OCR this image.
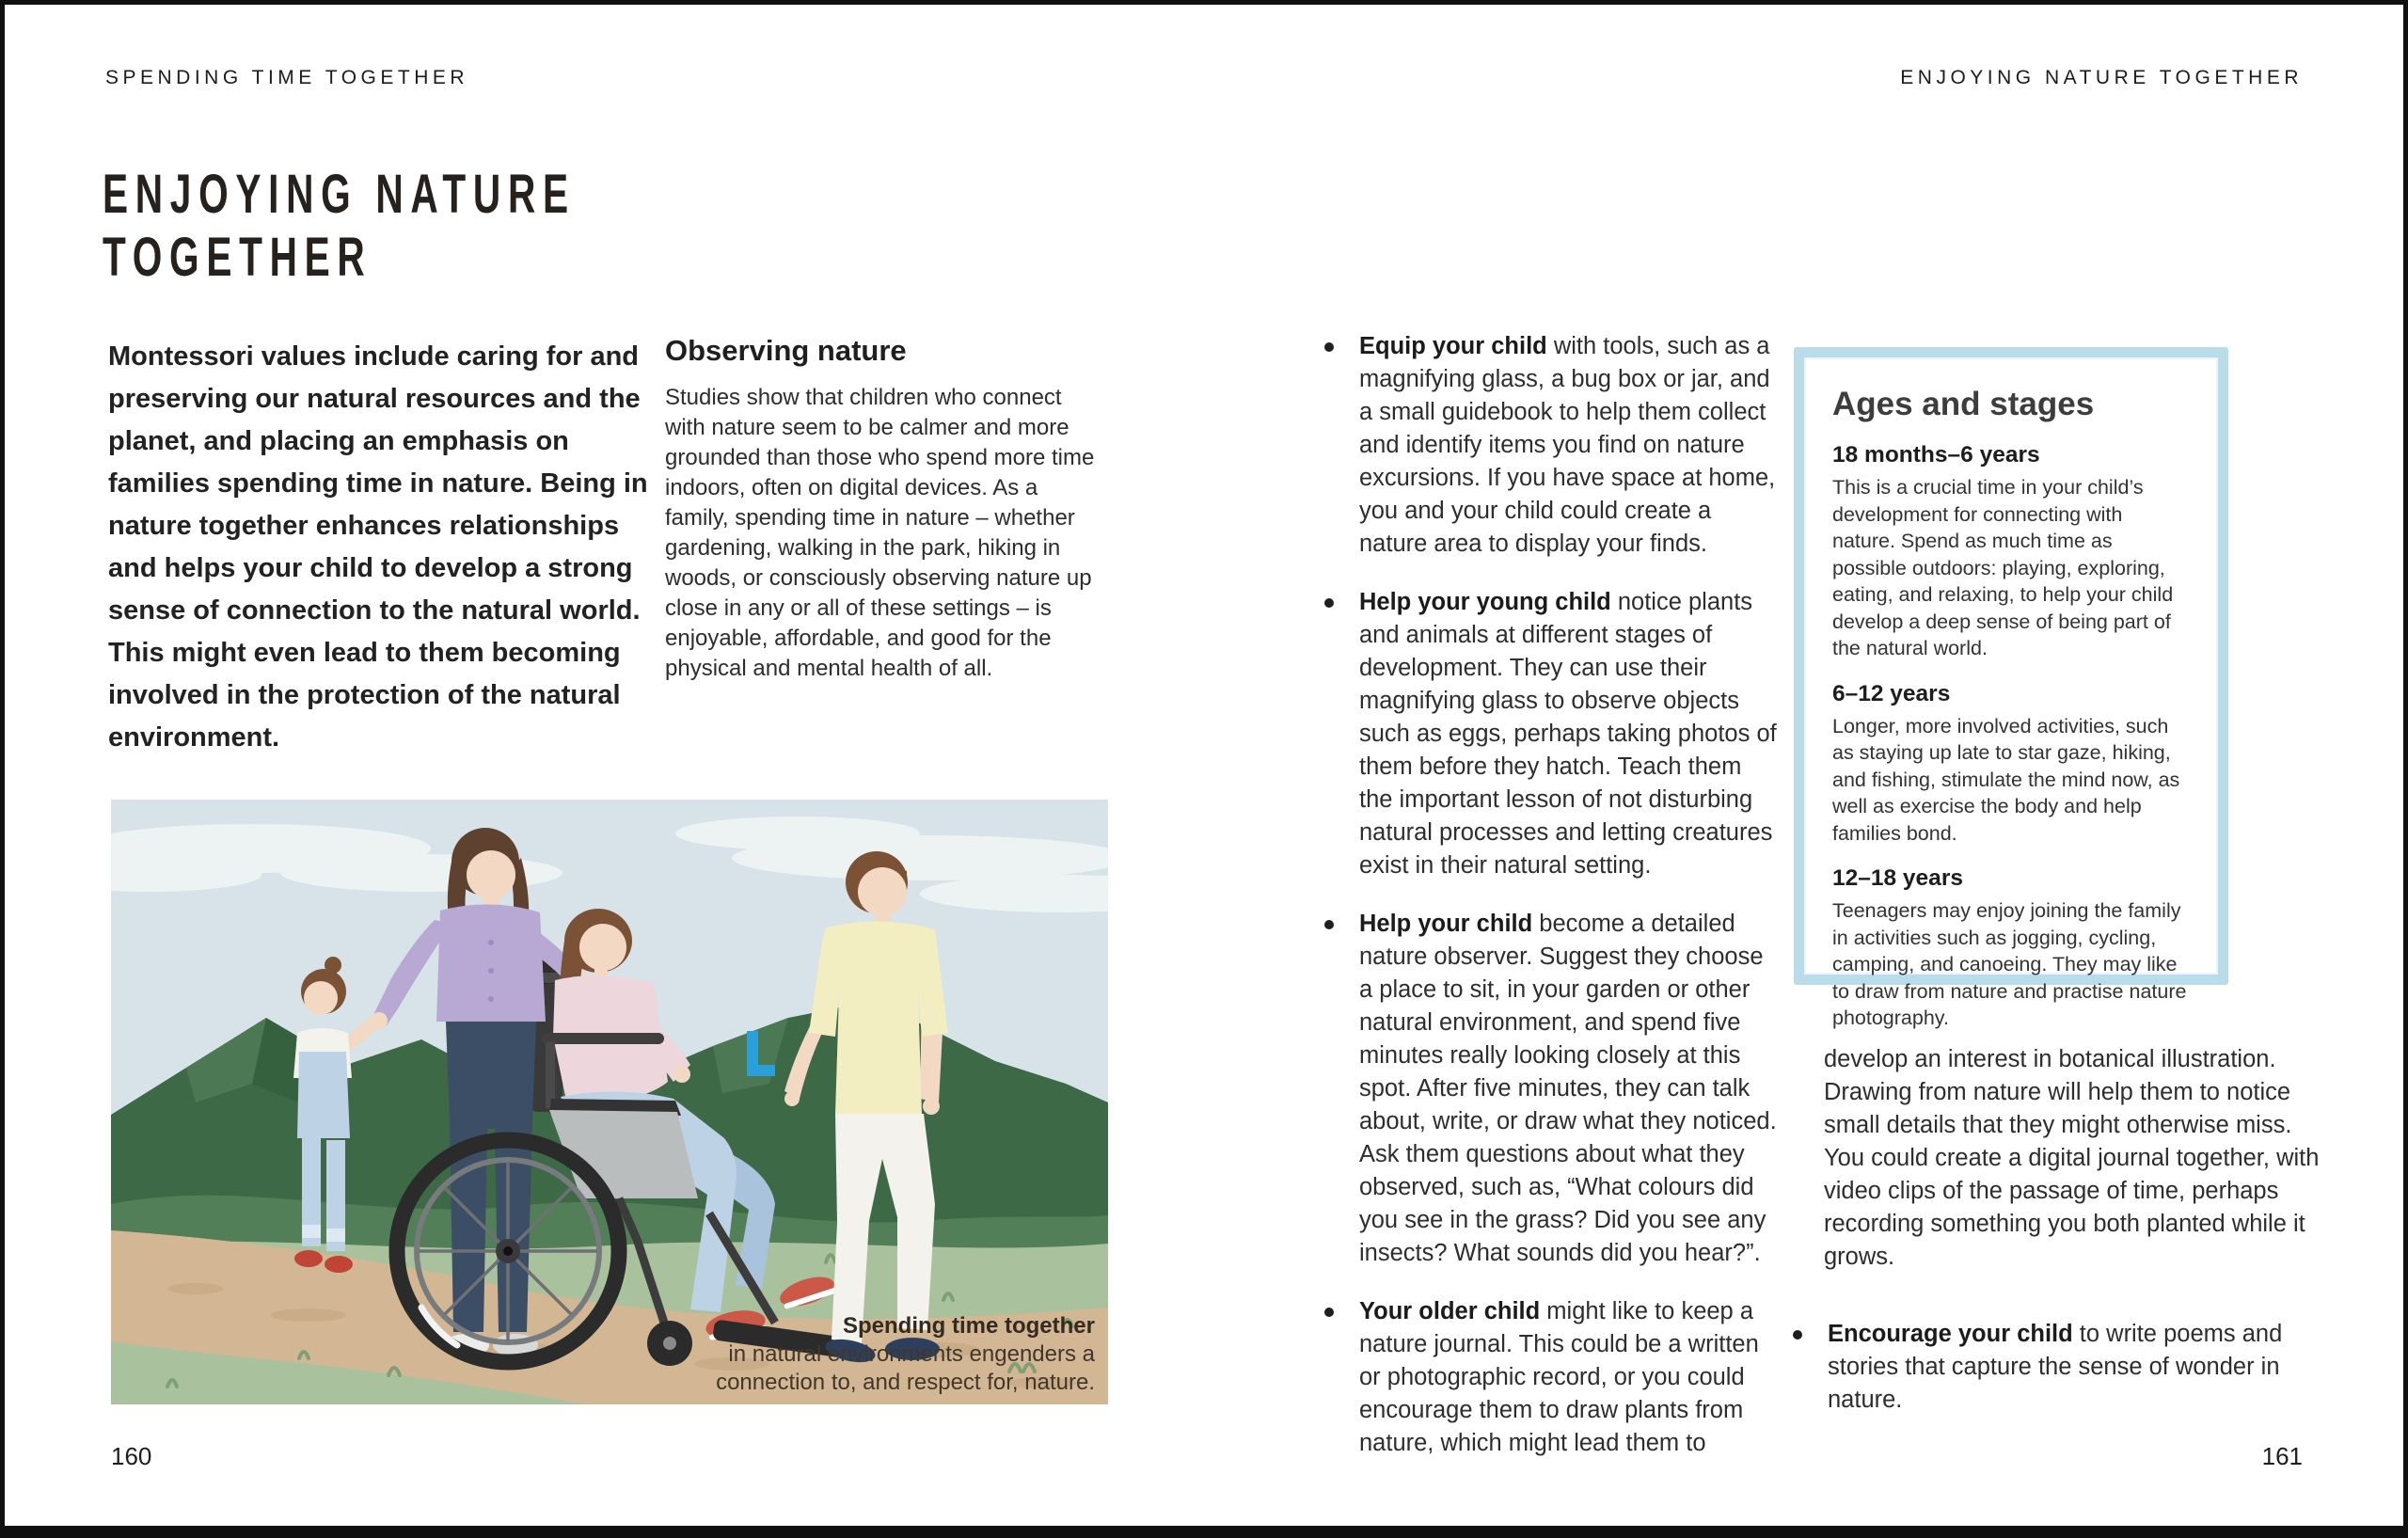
SPENDING TIME TOGETHER
ENJOYING NATURE
TOGETHER
Montessori values include caring for and preserving our natural resources and the planet, and placing an emphasis on families spending time in nature. Being in nature together enhances relationships and helps your child to develop a strong sense of connection to the natural world. This might even lead to them becoming involved in the protection of the natural environment.
Observing nature

Studies show that children who connect with nature seem to be calmer and more grounded than those who spend more time indoors, often on digital devices. As a family, spending time in nature – whether gardening, walking in the park, hiking in woods, or consciously observing nature up close in any or all of these settings – is enjoyable, affordable, and good for the physical and mental health of all.

Spending time together
in natural environments engenders a connection to, and respect for, nature.
160
ENJOYING NATURE TOGETHER
Equip your child with tools, such as a magnifying glass, a bug box or jar, and a small guidebook to help them collect and identify items you find on nature excursions. If you have space at home, you and your child could create a nature area to display your finds.
Help your young child notice plants and animals at different stages of development. They can use their magnifying glass to observe objects such as eggs, perhaps taking photos of them before they hatch. Teach them the important lesson of not disturbing natural processes and letting creatures exist in their natural setting.
Help your child become a detailed nature observer. Suggest they choose a place to sit, in your garden or other natural environment, and spend five minutes really looking closely at this spot. After five minutes, they can talk about, write, or draw what they noticed. Ask them questions about what they observed, such as, “What colours did you see in the grass? Did you see any insects? What sounds did you hear?”.
Your older child might like to keep a nature journal. This could be a written or photographic record, or you could encourage them to draw plants from nature, which might lead them to
Ages and stages
18 months–6 years

This is a crucial time in your child’s development for connecting with nature. Spend as much time as possible outdoors: playing, exploring, eating, and relaxing, to help your child develop a deep sense of being part of the natural world.

6–12 years

Longer, more involved activities, such as staying up late to star gaze, hiking, and fishing, stimulate the mind now, as well as exercise the body and help families bond.

12–18 years

Teenagers may enjoy joining the family in activities such as jogging, cycling, camping, and canoeing. They may like to draw from nature and practise nature photography.

develop an interest in botanical illustration. Drawing from nature will help them to notice small details that they might otherwise miss. You could create a digital journal together, with video clips of the passage of time, perhaps recording something you both planted while it grows.
Encourage your child to write poems and stories that capture the sense of wonder in nature.
161
